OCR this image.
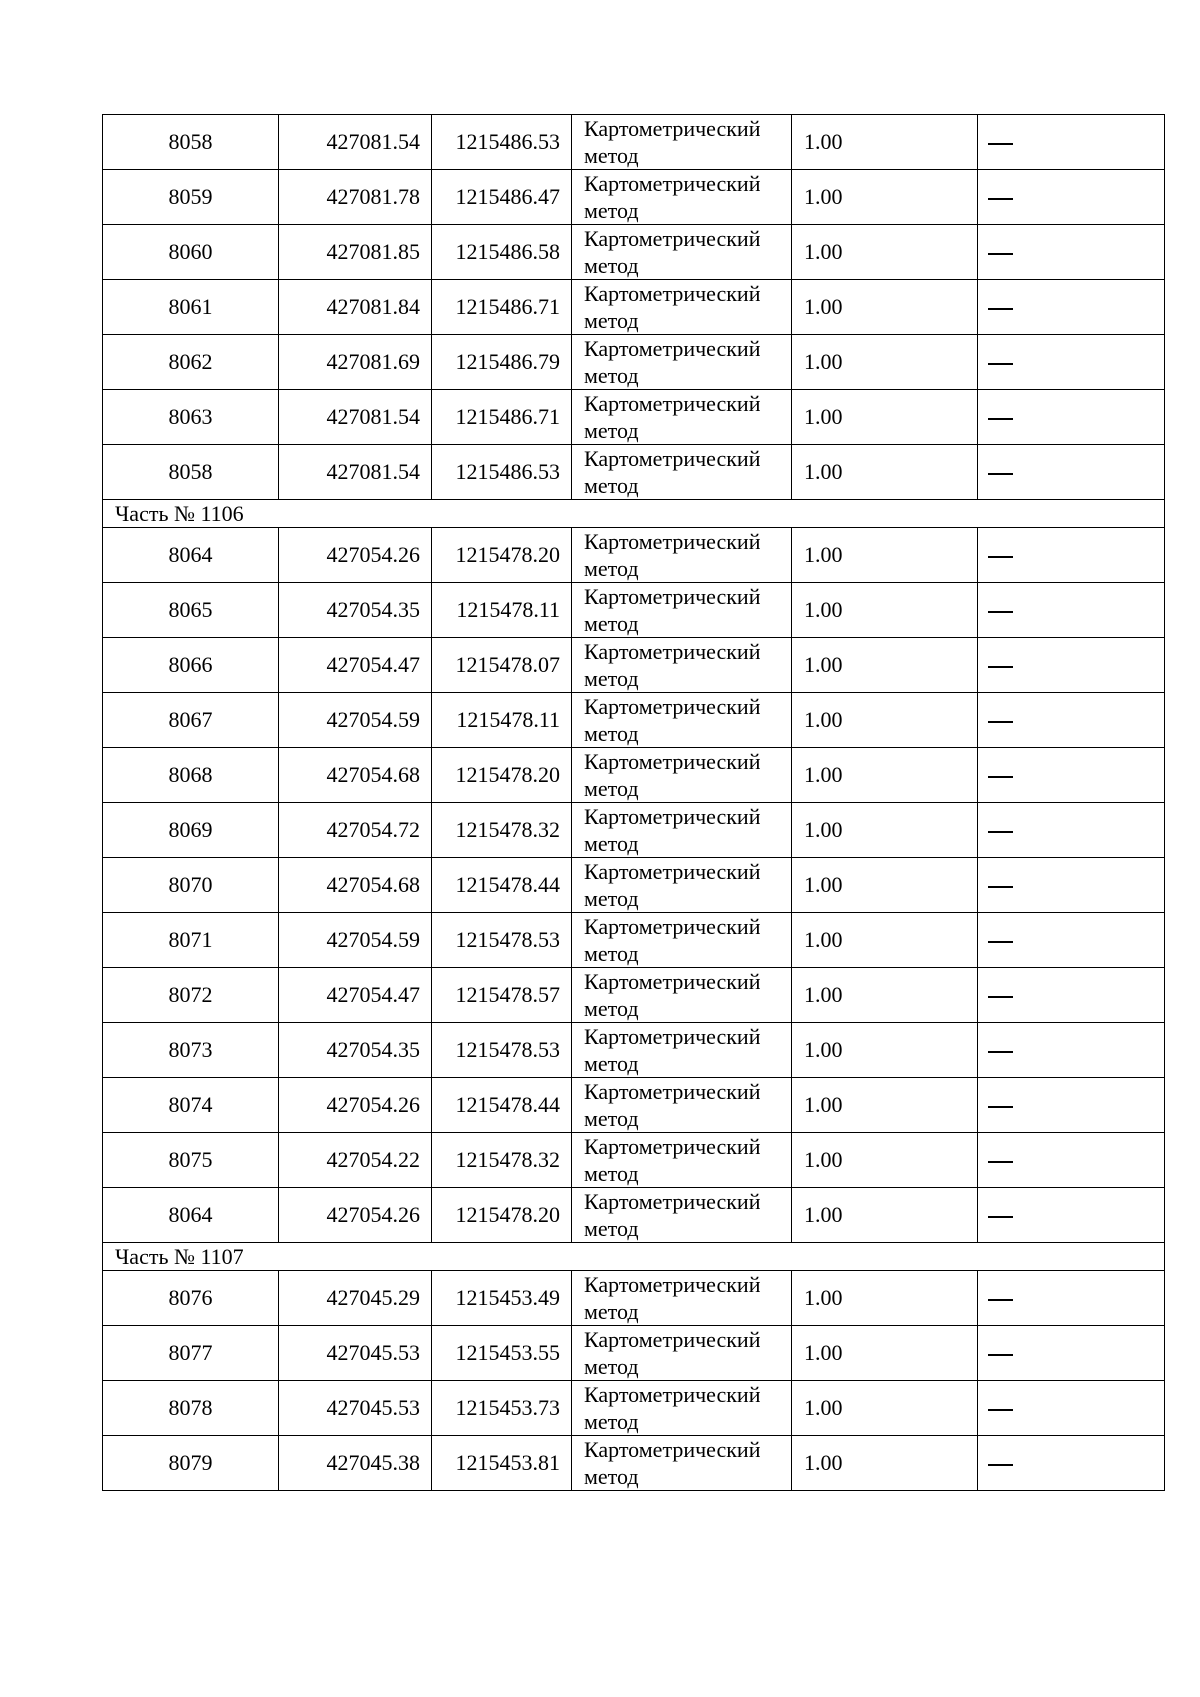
8058	427081.54	1215486.53	Картометрический метод	1.00	
8059	427081.78	1215486.47	Картометрический метод	1.00	
8060	427081.85	1215486.58	Картометрический метод	1.00	
8061	427081.84	1215486.71	Картометрический метод	1.00	
8062	427081.69	1215486.79	Картометрический метод	1.00	
8063	427081.54	1215486.71	Картометрический метод	1.00	
8058	427081.54	1215486.53	Картометрический метод	1.00	
Часть № 1106					
8064	427054.26	1215478.20	Картометрический метод	1.00	
8065	427054.35	1215478.11	Картометрический метод	1.00	
8066	427054.47	1215478.07	Картометрический метод	1.00	
8067	427054.59	1215478.11	Картометрический метод	1.00	
8068	427054.68	1215478.20	Картометрический метод	1.00	
8069	427054.72	1215478.32	Картометрический метод	1.00	
8070	427054.68	1215478.44	Картометрический метод	1.00	
8071	427054.59	1215478.53	Картометрический метод	1.00	
8072	427054.47	1215478.57	Картометрический метод	1.00	
8073	427054.35	1215478.53	Картометрический метод	1.00	
8074	427054.26	1215478.44	Картометрический метод	1.00	
8075	427054.22	1215478.32	Картометрический метод	1.00	
8064	427054.26	1215478.20	Картометрический метод	1.00	
Часть № 1107					
8076	427045.29	1215453.49	Картометрический метод	1.00	
8077	427045.53	1215453.55	Картометрический метод	1.00	
8078	427045.53	1215453.73	Картометрический метод	1.00	
8079	427045.38	1215453.81	Картометрический метод	1.00	
